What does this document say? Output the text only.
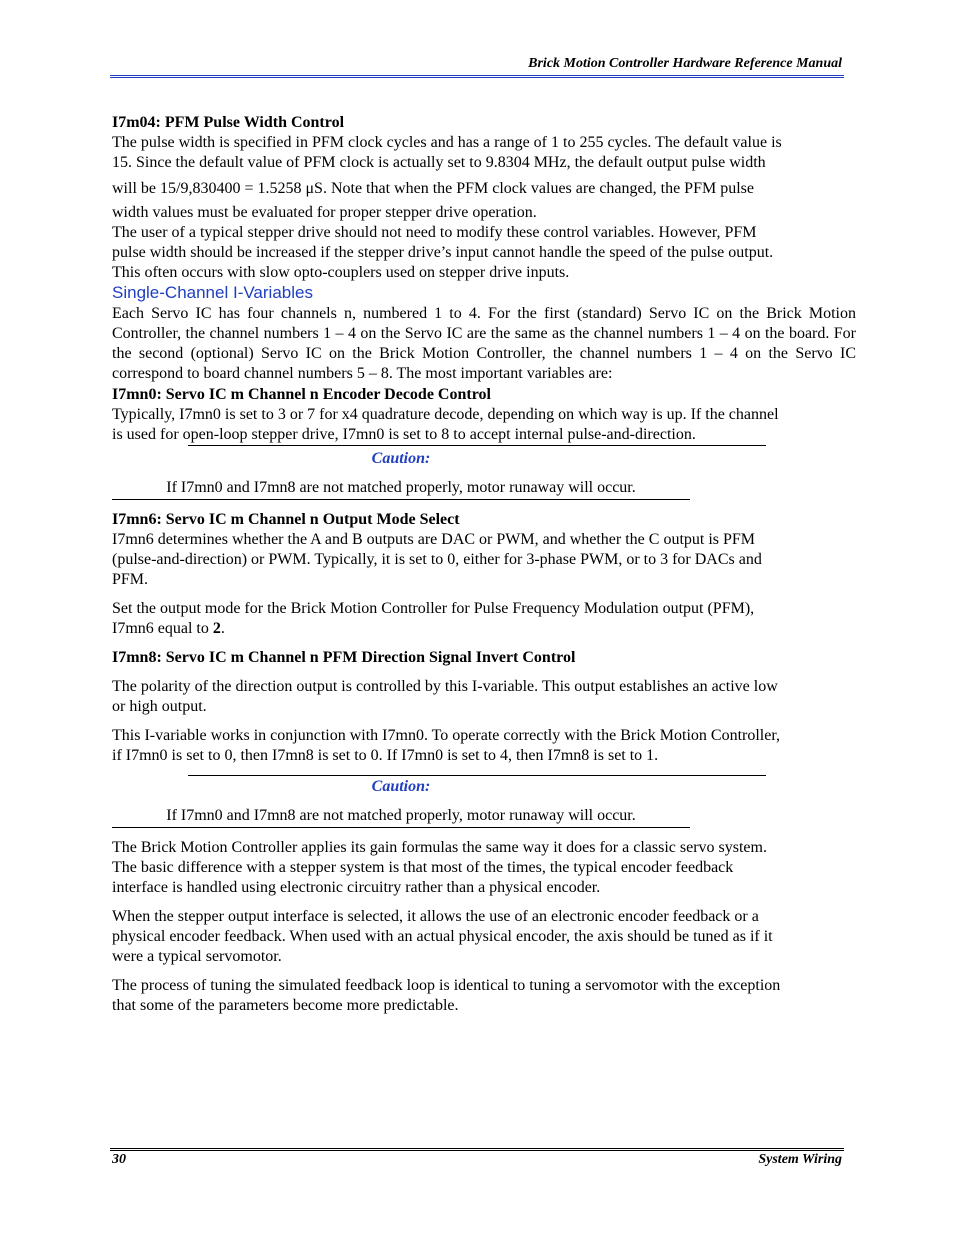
Brick Motion Controller Hardware Reference Manual

I7m04: PFM Pulse Width Control

The pulse width is specified in PFM clock cycles and has a range of 1 to 255 cycles. The default value is

15. Since the default value of PFM clock is actually set to 9.8304 MHz, the default output pulse width

will be 15/9,830400 = 1.5258 μS. Note that when the PFM clock values are changed, the PFM pulse

width values must be evaluated for proper stepper drive operation.

The user of a typical stepper drive should not need to modify these control variables. However, PFM

pulse width should be increased if the stepper drive’s input cannot handle the speed of the pulse output.

This often occurs with slow opto-couplers used on stepper drive inputs.

Single-Channel I-Variables

Each Servo IC has four channels n, numbered 1 to 4. For the first (standard) Servo IC on the Brick Motion Controller, the channel numbers 1 – 4 on the Servo IC are the same as the channel numbers 1 – 4 on the board. For the second (optional) Servo IC on the Brick Motion Controller, the channel numbers 1 – 4 on the Servo IC correspond to board channel numbers 5 – 8. The most important variables are:

I7mn0: Servo IC m Channel n Encoder Decode Control

Typically, I7mn0 is set to 3 or 7 for x4 quadrature decode, depending on which way is up. If the channel

is used for open-loop stepper drive, I7mn0 is set to 8 to accept internal pulse-and-direction.

Caution:

If I7mn0 and I7mn8 are not matched properly, motor runaway will occur.

I7mn6: Servo IC m Channel n Output Mode Select

I7mn6 determines whether the A and B outputs are DAC or PWM, and whether the C output is PFM

(pulse-and-direction) or PWM. Typically, it is set to 0, either for 3-phase PWM, or to 3 for DACs and

PFM.

Set the output mode for the Brick Motion Controller for Pulse Frequency Modulation output (PFM),

I7mn6 equal to 2.

I7mn8: Servo IC m Channel n PFM Direction Signal Invert Control

The polarity of the direction output is controlled by this I-variable. This output establishes an active low

or high output.

This I-variable works in conjunction with I7mn0. To operate correctly with the Brick Motion Controller,

if I7mn0 is set to 0, then I7mn8 is set to 0. If I7mn0 is set to 4, then I7mn8 is set to 1.

Caution:

If I7mn0 and I7mn8 are not matched properly, motor runaway will occur.

The Brick Motion Controller applies its gain formulas the same way it does for a classic servo system.

The basic difference with a stepper system is that most of the times, the typical encoder feedback

interface is handled using electronic circuitry rather than a physical encoder.

When the stepper output interface is selected, it allows the use of an electronic encoder feedback or a

physical encoder feedback. When used with an actual physical encoder, the axis should be tuned as if it

were a typical servomotor.

The process of tuning the simulated feedback loop is identical to tuning a servomotor with the exception

that some of the parameters become more predictable.

30	System Wiring
